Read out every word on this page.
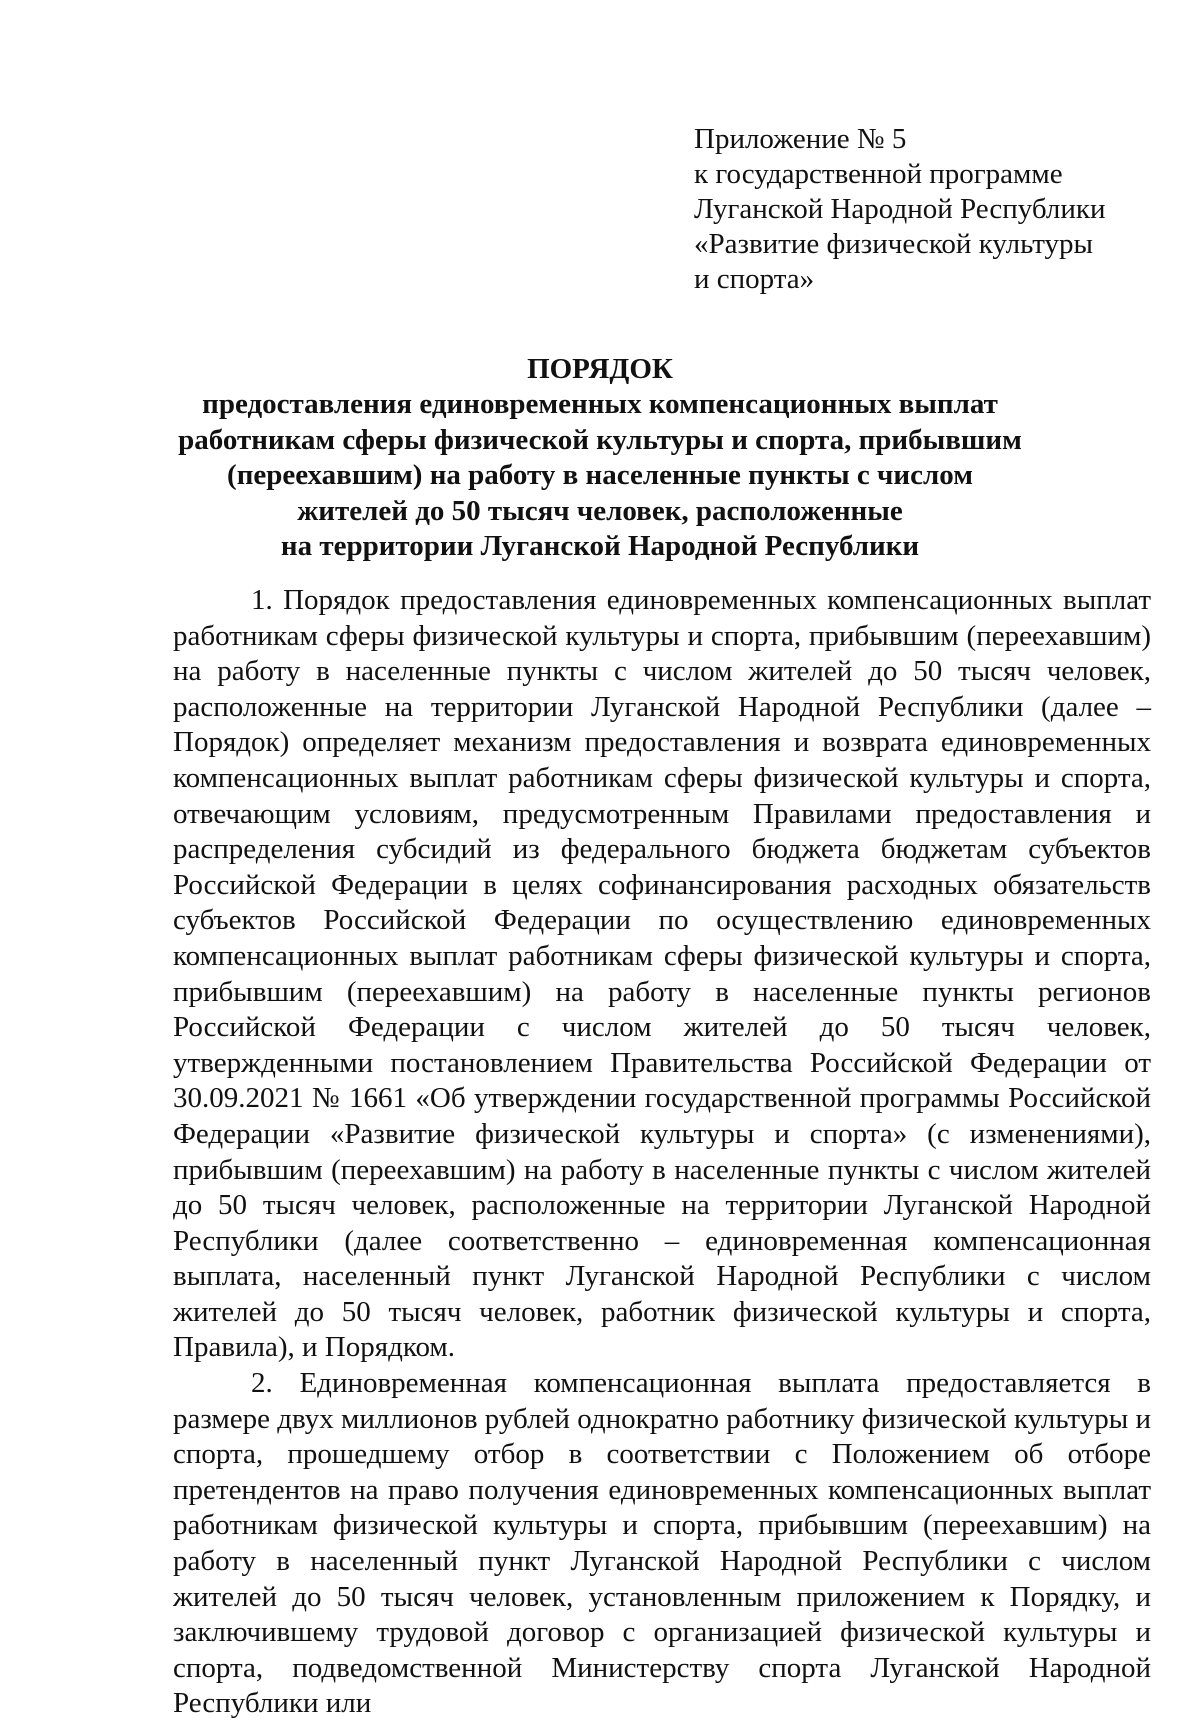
Приложение № 5
к государственной программе
Луганской Народной Республики
«Развитие физической культуры
и спорта»
ПОРЯДОК
предоставления единовременных компенсационных выплат
работникам сферы физической культуры и спорта, прибывшим
(переехавшим) на работу в населенные пункты с числом
жителей до 50 тысяч человек, расположенные
на территории Луганской Народной Республики

1. Порядок предоставления единовременных компенсационных выплат работникам сферы физической культуры и спорта, прибывшим (переехавшим) на работу в населенные пункты с числом жителей до 50 тысяч человек, расположенные на территории Луганской Народной Республики (далее – Порядок) определяет механизм предоставления и возврата единовременных компенсационных выплат работникам сферы физической культуры и спорта, отвечающим условиям, предусмотренным Правилами предоставления и распределения субсидий из федерального бюджета бюджетам субъектов Российской Федерации в целях софинансирования расходных обязательств субъектов Российской Федерации по осуществлению единовременных компенсационных выплат работникам сферы физической культуры и спорта, прибывшим (переехавшим) на работу в населенные пункты регионов Российской Федерации с числом жителей до 50 тысяч человек, утвержденными постановлением Правительства Российской Федерации от 30.09.2021 № 1661 «Об утверждении государственной программы Российской Федерации «Развитие физической культуры и спорта» (с изменениями), прибывшим (переехавшим) на работу в населенные пункты с числом жителей до 50 тысяч человек, расположенные на территории Луганской Народной Республики (далее соответственно – единовременная компенсационная выплата, населенный пункт Луганской Народной Республики с числом жителей до 50 тысяч человек, работник физической культуры и спорта, Правила), и Порядком.

2. Единовременная компенсационная выплата предоставляется в размере двух миллионов рублей однократно работнику физической культуры и спорта, прошедшему отбор в соответствии с Положением об отборе претендентов на право получения единовременных компенсационных выплат работникам физической культуры и спорта, прибывшим (переехавшим) на работу в населенный пункт Луганской Народной Республики с числом жителей до 50 тысяч человек, установленным приложением к Порядку, и заключившему трудовой договор с организацией физической культуры и спорта, подведомственной Министерству спорта Луганской Народной Республики или
